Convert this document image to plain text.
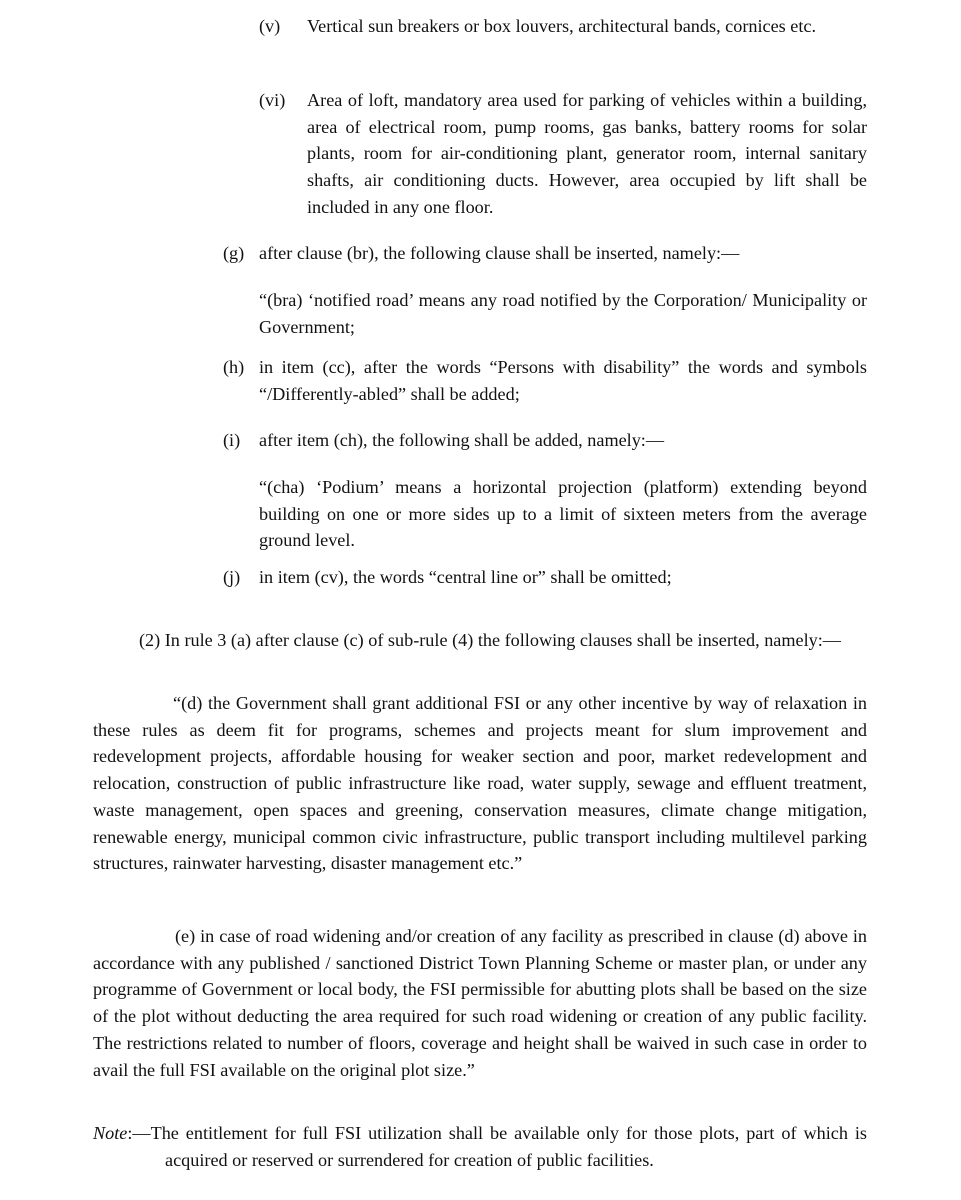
(v) Vertical sun breakers or box louvers, architectural bands, cornices etc.
(vi) Area of loft, mandatory area used for parking of vehicles within a building, area of electrical room, pump rooms, gas banks, battery rooms for solar plants, room for air-conditioning plant, generator room, internal sanitary shafts, air conditioning ducts. However, area occupied by lift shall be included in any one floor.
(g) after clause (br), the following clause shall be inserted, namely:—
“(bra) ‘notified road’ means any road notified by the Corporation/ Municipality or Government;
(h) in item (cc), after the words “Persons with disability” the words and symbols “/Differently-abled” shall be added;
(i) after item (ch), the following shall be added, namely:—
“(cha) ‘Podium’ means a horizontal projection (platform) extending beyond building on one or more sides up to a limit of sixteen meters from the average ground level.
(j) in item (cv), the words “central line or” shall be omitted;
(2) In rule 3 (a) after clause (c) of sub-rule (4) the following clauses shall be inserted, namely:—
“(d) the Government shall grant additional FSI or any other incentive by way of relaxation in these rules as deem fit for programs, schemes and projects meant for slum improvement and redevelopment projects, affordable housing for weaker section and poor, market redevelopment and relocation, construction of public infrastructure like road, water supply, sewage and effluent treatment, waste management, open spaces and greening, conservation measures, climate change mitigation, renewable energy, municipal common civic infrastructure, public transport including multilevel parking structures, rainwater harvesting, disaster management etc.”
(e) in case of road widening and/or creation of any facility as prescribed in clause (d) above in accordance with any published / sanctioned District Town Planning Scheme or master plan, or under any programme of Government or local body, the FSI permissible for abutting plots shall be based on the size of the plot without deducting the area required for such road widening or creation of any public facility. The restrictions related to number of floors, coverage and height shall be waived in such case in order to avail the full FSI available on the original plot size.”
Note:—The entitlement for full FSI utilization shall be available only for those plots, part of which is acquired or reserved or surrendered for creation of public facilities.
